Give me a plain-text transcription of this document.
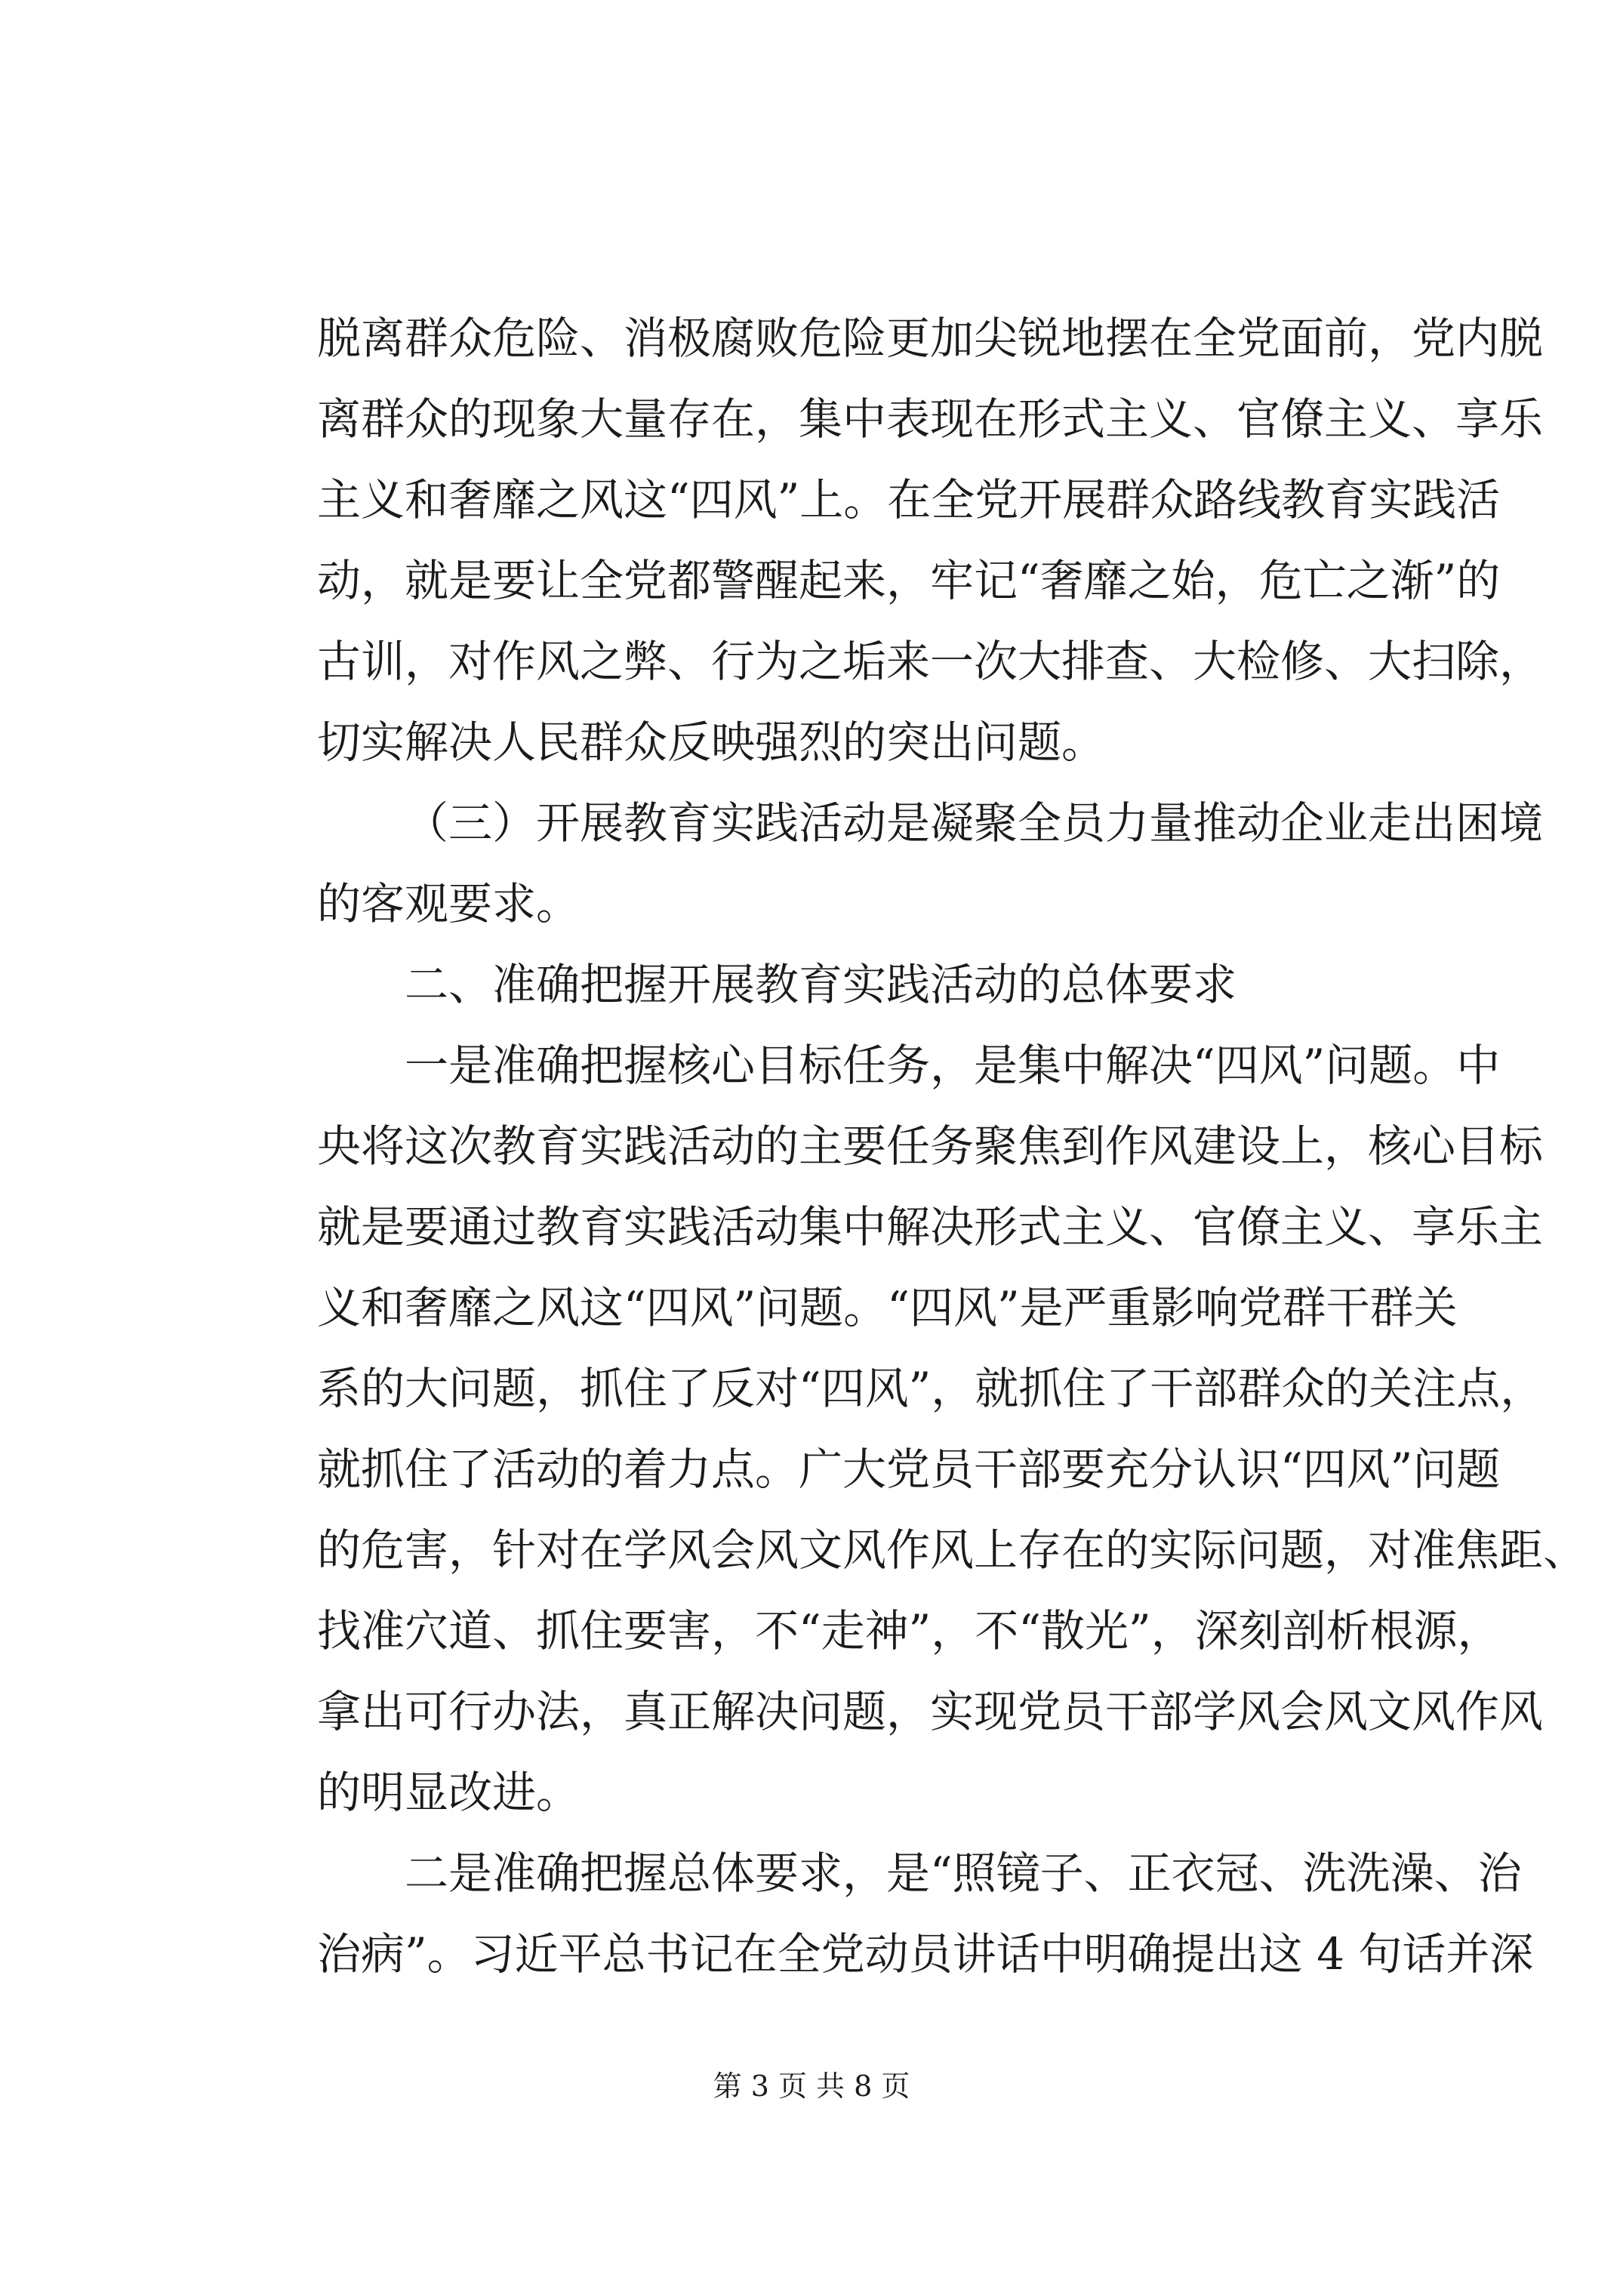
脱离群众危险、消极腐败危险更加尖锐地摆在全党面前，党内脱
离群众的现象大量存在，集中表现在形式主义、官僚主义、享乐
主义和奢靡之风这“四风”上。在全党开展群众路线教育实践活
动，就是要让全党都警醒起来，牢记“奢靡之始，危亡之渐”的
古训，对作风之弊、行为之垢来一次大排查、大检修、大扫除，
切实解决人民群众反映强烈的突出问题。
（三）开展教育实践活动是凝聚全员力量推动企业走出困境
的客观要求。
二、准确把握开展教育实践活动的总体要求
一是准确把握核心目标任务，是集中解决“四风”问题。中
央将这次教育实践活动的主要任务聚焦到作风建设上，核心目标
就是要通过教育实践活动集中解决形式主义、官僚主义、享乐主
义和奢靡之风这“四风”问题。“四风”是严重影响党群干群关
系的大问题，抓住了反对“四风”，就抓住了干部群众的关注点，
就抓住了活动的着力点。广大党员干部要充分认识“四风”问题
的危害，针对在学风会风文风作风上存在的实际问题，对准焦距、
找准穴道、抓住要害，不“走神”，不“散光”，深刻剖析根源，
拿出可行办法，真正解决问题，实现党员干部学风会风文风作风
的明显改进。
二是准确把握总体要求，是“照镜子、正衣冠、洗洗澡、治
治病”。习近平总书记在全党动员讲话中明确提出这 4 句话并深
第 3 页 共 8 页
